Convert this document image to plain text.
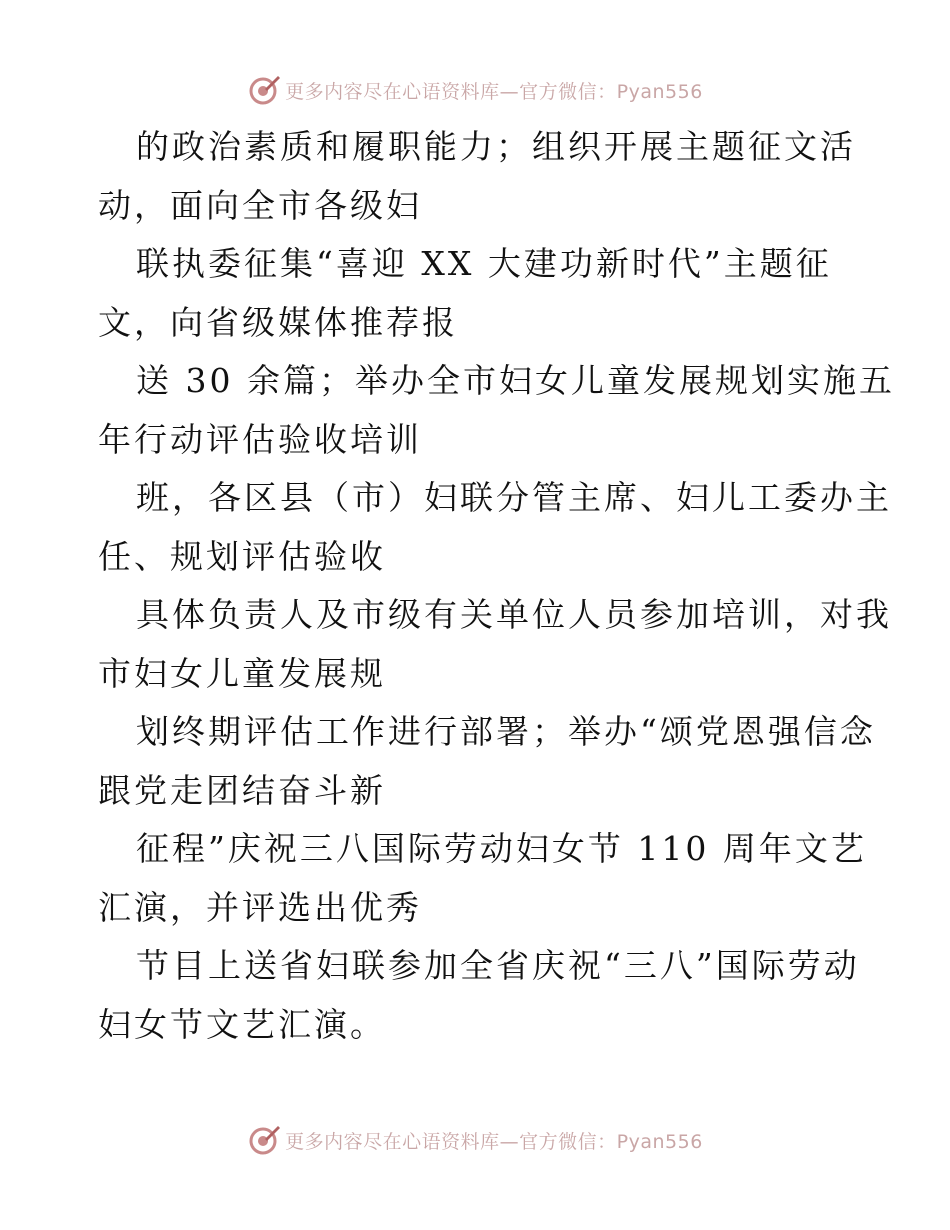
更多内容尽在心语资料库—官方微信：Pyan556
的政治素质和履职能力；组织开展主题征文活
动，面向全市各级妇
联执委征集“喜迎 XX 大建功新时代”主题征
文，向省级媒体推荐报
送 30 余篇；举办全市妇女儿童发展规划实施五
年行动评估验收培训
班，各区县（市）妇联分管主席、妇儿工委办主
任、规划评估验收
具体负责人及市级有关单位人员参加培训，对我
市妇女儿童发展规
划终期评估工作进行部署；举办“颂党恩强信念
跟党走团结奋斗新
征程”庆祝三八国际劳动妇女节 110 周年文艺
汇演，并评选出优秀
节目上送省妇联参加全省庆祝“三八”国际劳动
妇女节文艺汇演。
更多内容尽在心语资料库—官方微信：Pyan556
